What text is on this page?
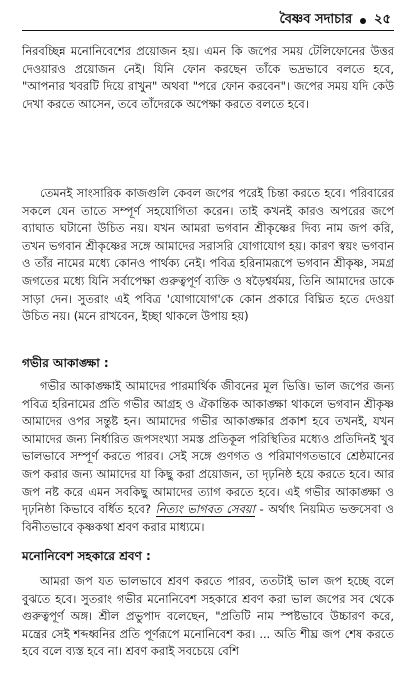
বৈষ্ণব সদাচার ২৫
নিরবচ্ছিন্ন মনোনিবেশের প্রয়োজন হয়। এমন কি জপের সময় টেলিফোনের উত্তর দেওয়ারও প্রয়োজন নেই। যিনি ফোন করছেন তাঁকে ভদ্রভাবে বলতে হবে, "আপনার খবরটি দিয়ে রাখুন" অথবা "পরে ফোন করবেন"। জপের সময় যদি কেউ দেখা করতে আসেন, তবে তাঁদেরকে অপেক্ষা করতে বলতে হবে।
তেমনই সাংসারিক কাজগুলি কেবল জপের পরেই চিন্তা করতে হবে। পরিবারের সকলে যেন তাতে সম্পূর্ণ সহযোগিতা করেন। তাই কখনই কারও অপরের জপে ব্যাঘাত ঘটানো উচিত নয়। যখন আমরা ভগবান শ্রীকৃষ্ণের দিব্য নাম জপ করি, তখন ভগবান শ্রীকৃষ্ণের সঙ্গে আমাদের সরাসরি যোগাযোগ হয়। কারণ স্বয়ং ভগবান ও তাঁর নামের মধ্যে কোনও পার্থক্য নেই। পবিত্র হরিনামরূপে ভগবান শ্রীকৃষ্ণ, সমগ্র জগতের মধ্যে যিনি সর্বাপেক্ষা গুরুত্বপূর্ণ ব্যক্তি ও ষড়ৈশ্বর্যময়, তিনি আমাদের ডাকে সাড়া দেন। সুতরাং এই পবিত্র 'যোগাযোগ'কে কোন প্রকারে বিঘ্নিত হতে দেওয়া উচিত নয়। (মনে রাখবেন, ইচ্ছা থাকলে উপায় হয়)
গভীর আকাঙ্ক্ষা :
গভীর আকাঙ্ক্ষাই আমাদের পারমার্থিক জীবনের মূল ভিত্তি। ভাল জপের জন্য পবিত্র হরিনামের প্রতি গভীর আগ্রহ ও ঐকান্তিক আকাঙ্ক্ষা থাকলে ভগবান শ্রীকৃষ্ণ আমাদের ওপর সন্তুষ্ট হন। আমাদের গভীর আকাঙ্ক্ষার প্রকাশ হবে তখনই, যখন আমাদের জন্য নির্ধারিত জপসংখ্যা সমস্ত প্রতিকূল পরিস্থিতির মধ্যেও প্রতিদিনই খুব ভালভাবে সম্পূর্ণ করতে পারব। সেই সঙ্গে গুণগত ও পরিমাণগতভাবে শ্রেষ্ঠমানের জপ করার জন্য আমাদের যা কিছু করা প্রয়োজন, তা দৃঢ়নিষ্ঠ হয়ে করতে হবে। আর জপ নষ্ট করে এমন সবকিছু আমাদের ত্যাগ করতে হবে। এই গভীর আকাঙ্ক্ষা ও দৃঢ়নিষ্ঠা কিভাবে বর্ধিত হবে? নিত্যং ভাগবত সেবয়া - অর্থাৎ নিয়মিত ভক্তসেবা ও বিনীতভাবে কৃষ্ণকথা শ্রবণ করার মাধ্যমে।
মনোনিবেশ সহকারে শ্রবণ :
আমরা জপ যত ভালভাবে শ্রবণ করতে পারব, ততটাই ভাল জপ হচ্ছে বলে বুঝতে হবে। সুতরাং গভীর মনোনিবেশ সহকারে শ্রবণ করা ভাল জপের সব থেকে গুরুত্বপূর্ণ অঙ্গ। শ্রীল প্রভুপাদ বলেছেন, "প্রতিটি নাম স্পষ্টভাবে উচ্চারণ করে, মন্ত্রের সেই শব্দধ্বনির প্রতি পূর্ণরূপে মনোনিবেশ কর। ... অতি শীঘ্র জপ শেষ করতে হবে বলে ব্যস্ত হবে না। শ্রবণ করাই সবচেয়ে বেশি
